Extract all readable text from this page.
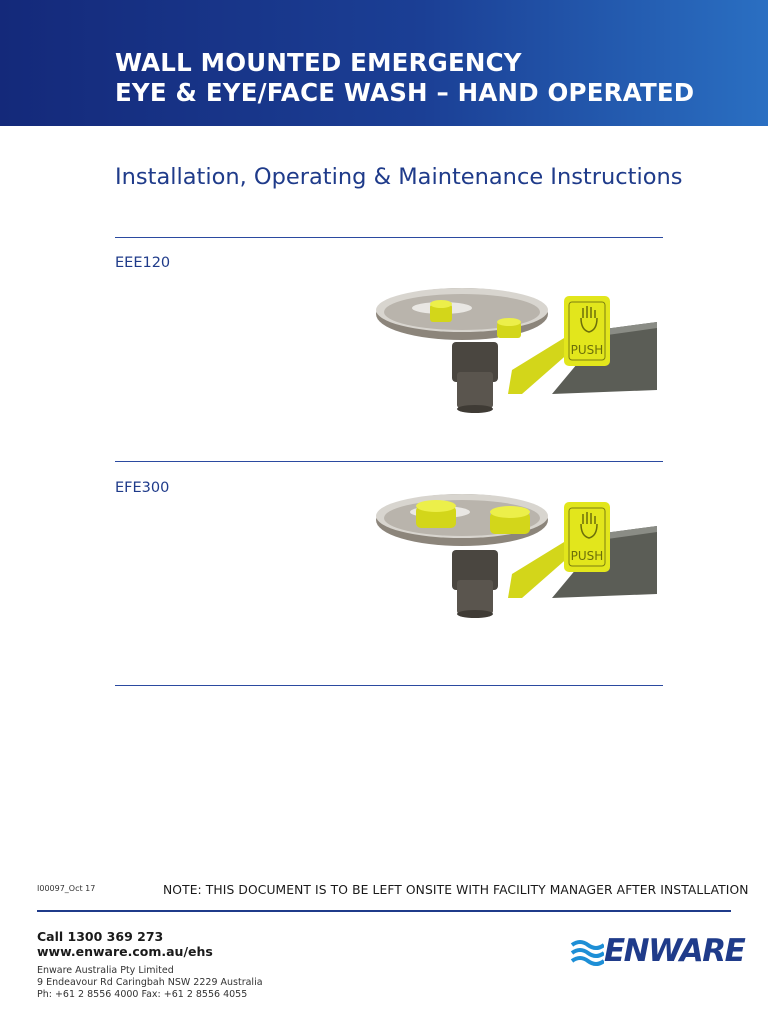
WALL MOUNTED EMERGENCY
EYE & EYE/FACE WASH – HAND OPERATED
Installation, Operating & Maintenance Instructions
EEE120
PUSH
EFE300
PUSH
I00097_Oct 17	NOTE: THIS DOCUMENT IS TO BE LEFT ONSITE WITH FACILITY MANAGER AFTER INSTALLATION
Call 1300 369 273
www.enware.com.au/ehs
Enware Australia Pty Limited
9 Endeavour Rd Caringbah NSW 2229 Australia
Ph: +61 2 8556 4000 Fax: +61 2 8556 4055
ENWARE
